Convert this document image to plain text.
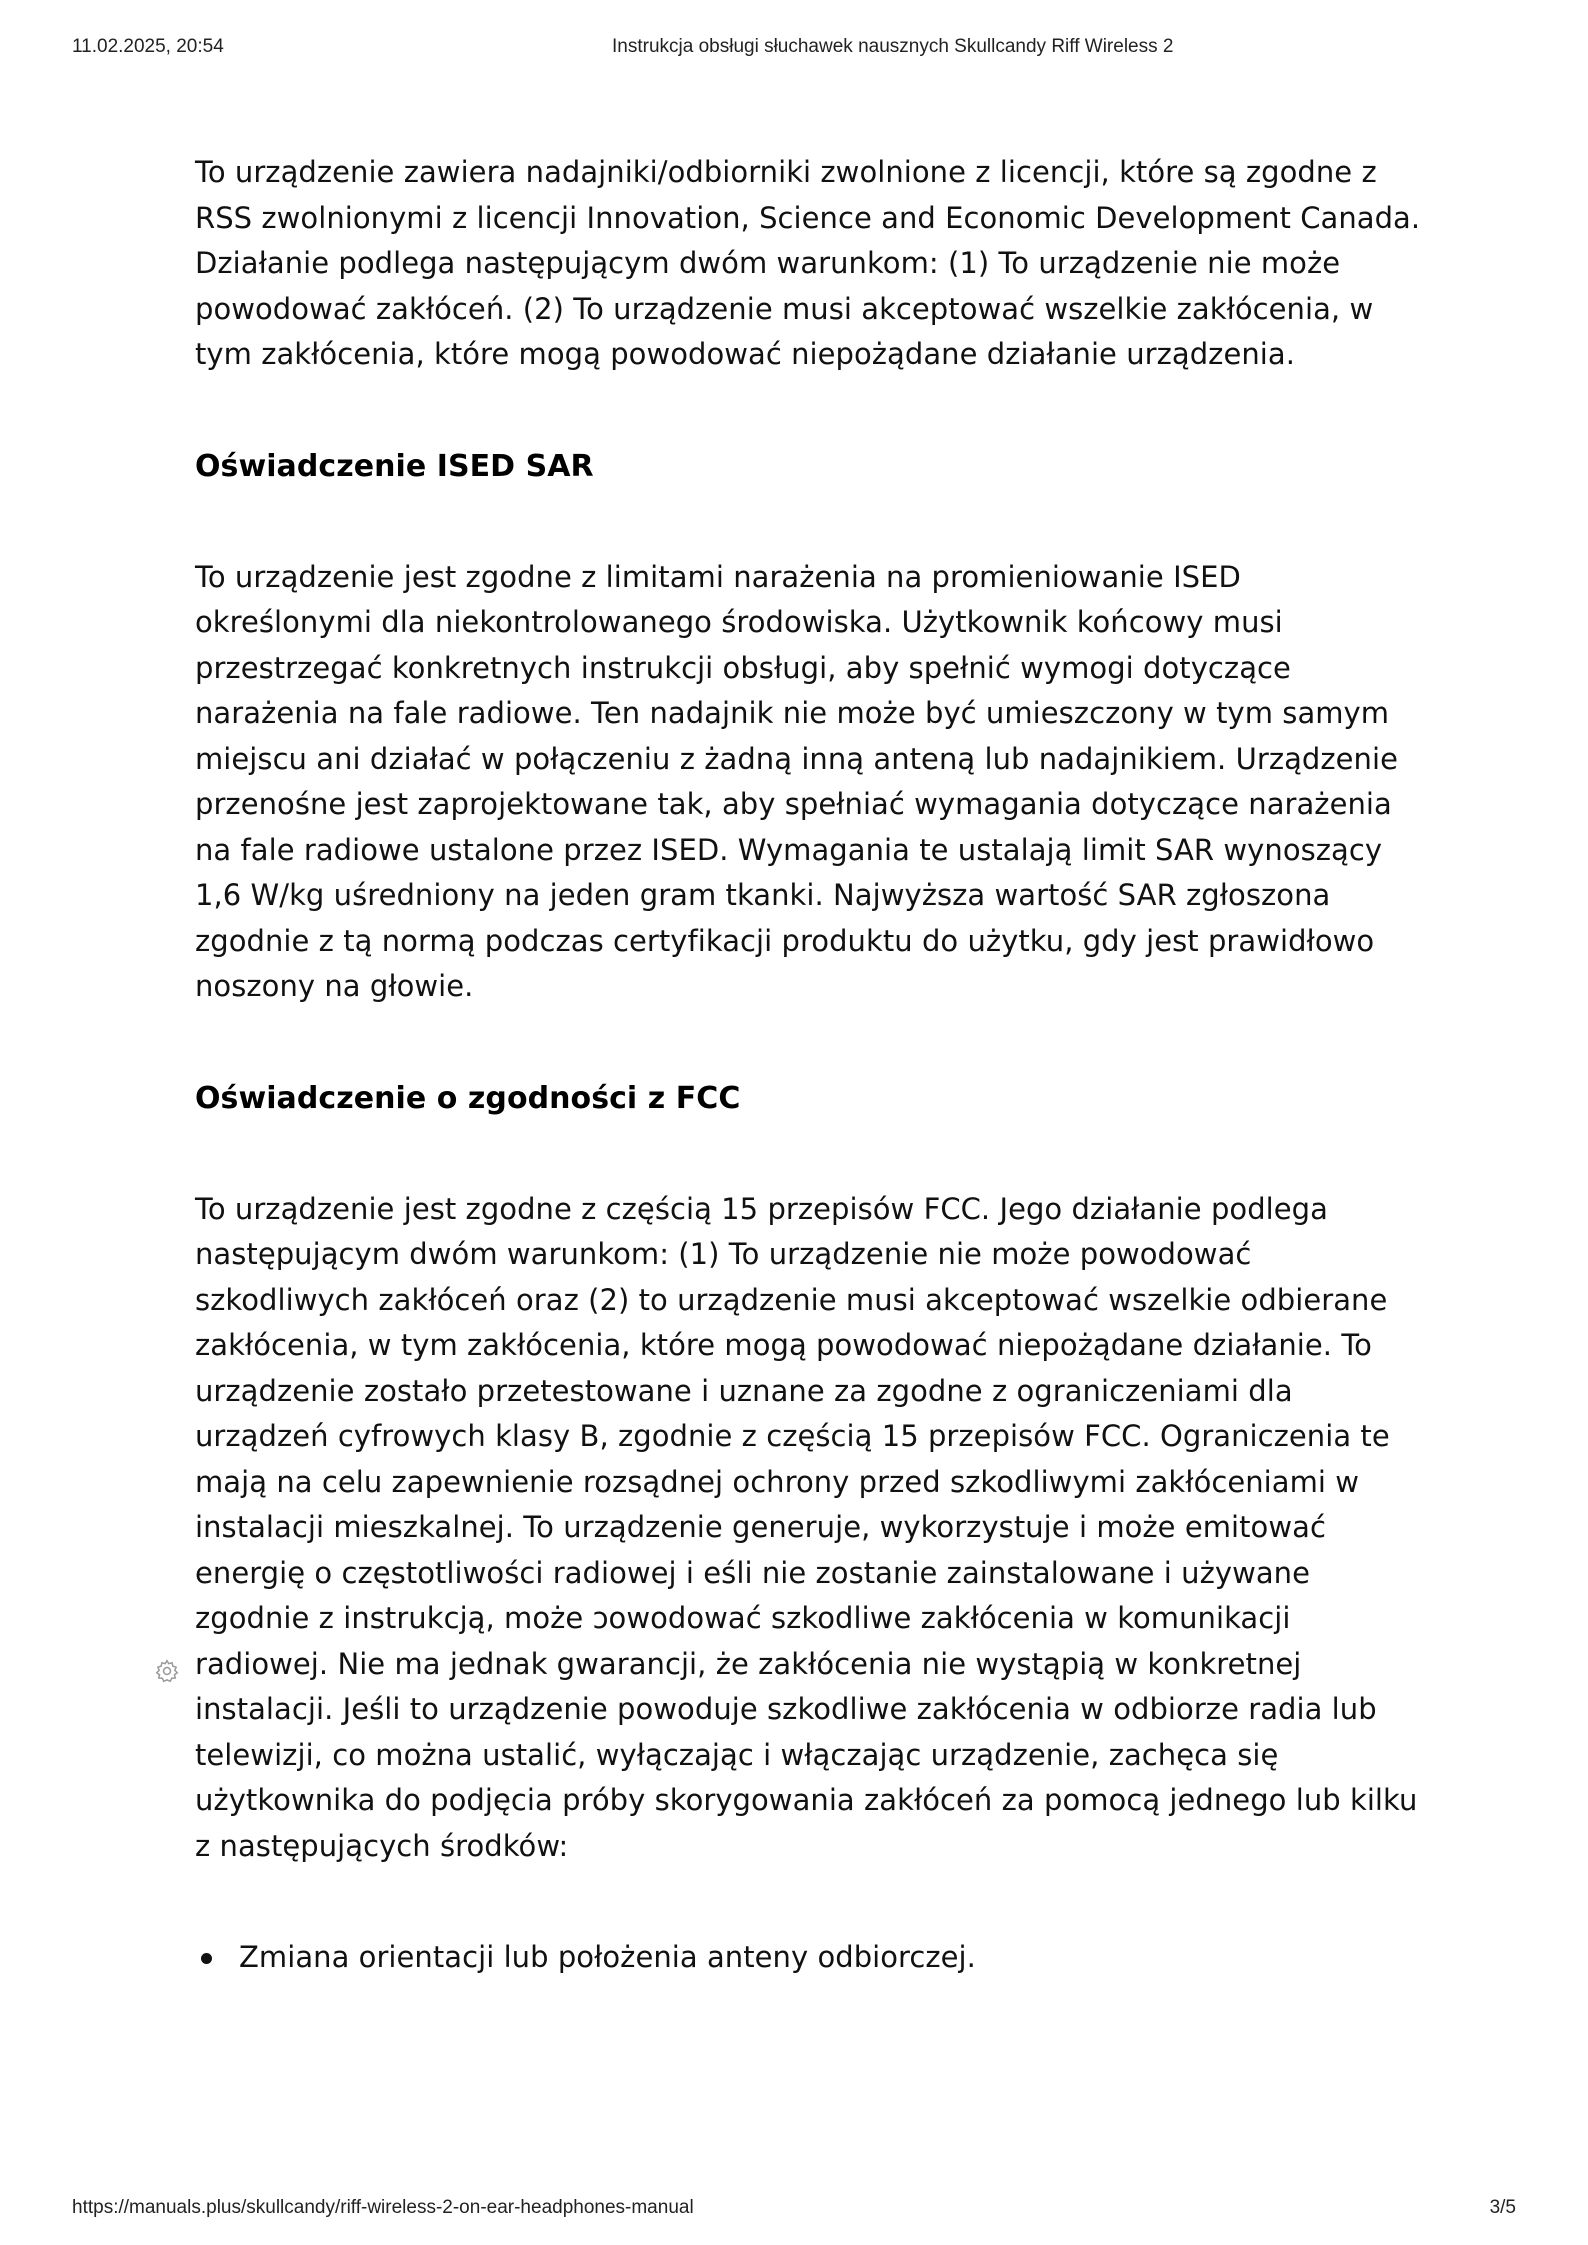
11.02.2025, 20:54	Instrukcja obsługi słuchawek nausznych Skullcandy Riff Wireless 2

To urządzenie zawiera nadajniki/odbiorniki zwolnione z licencji, które są zgodne z RSS zwolnionymi z licencji Innovation, Science and Economic Development Canada. Działanie podlega następującym dwóm warunkom: (1) To urządzenie nie może powodować zakłóceń. (2) To urządzenie musi akceptować wszelkie zakłócenia, w tym zakłócenia, które mogą powodować niepożądane działanie urządzenia.

Oświadczenie ISED SAR

To urządzenie jest zgodne z limitami narażenia na promieniowanie ISED określonymi dla niekontrolowanego środowiska. Użytkownik końcowy musi przestrzegać konkretnych instrukcji obsługi, aby spełnić wymogi dotyczące narażenia na fale radiowe. Ten nadajnik nie może być umieszczony w tym samym miejscu ani działać w połączeniu z żadną inną anteną lub nadajnikiem. Urządzenie przenośne jest zaprojektowane tak, aby spełniać wymagania dotyczące narażenia na fale radiowe ustalone przez ISED. Wymagania te ustalają limit SAR wynoszący 1,6 W/kg uśredniony na jeden gram tkanki. Najwyższa wartość SAR zgłoszona zgodnie z tą normą podczas certyfikacji produktu do użytku, gdy jest prawidłowo noszony na głowie.

Oświadczenie o zgodności z FCC

To urządzenie jest zgodne z częścią 15 przepisów FCC. Jego działanie podlega następującym dwóm warunkom: (1) To urządzenie nie może powodować szkodliwych zakłóceń oraz (2) to urządzenie musi akceptować wszelkie odbierane zakłócenia, w tym zakłócenia, które mogą powodować niepożądane działanie. To urządzenie zostało przetestowane i uznane za zgodne z ograniczeniami dla urządzeń cyfrowych klasy B, zgodnie z częścią 15 przepisów FCC. Ograniczenia te mają na celu zapewnienie rozsądnej ochrony przed szkodliwymi zakłóceniami w instalacji mieszkalnej. To urządzenie generuje, wykorzystuje i może emitować energię o częstotliwości radiowej i eśli nie zostanie zainstalowane i używane zgodnie z instrukcją, może ɔowodować szkodliwe zakłócenia w komunikacji radiowej. Nie ma jednak gwarancji, że zakłócenia nie wystąpią w konkretnej instalacji. Jeśli to urządzenie powoduje szkodliwe zakłócenia w odbiorze radia lub telewizji, co można ustalić, wyłączając i włączając urządzenie, zachęca się użytkownika do podjęcia próby skorygowania zakłóceń za pomocą jednego lub kilku z następujących środków:

Zmiana orientacji lub położenia anteny odbiorczej.
https://manuals.plus/skullcandy/riff-wireless-2-on-ear-headphones-manual	3/5
